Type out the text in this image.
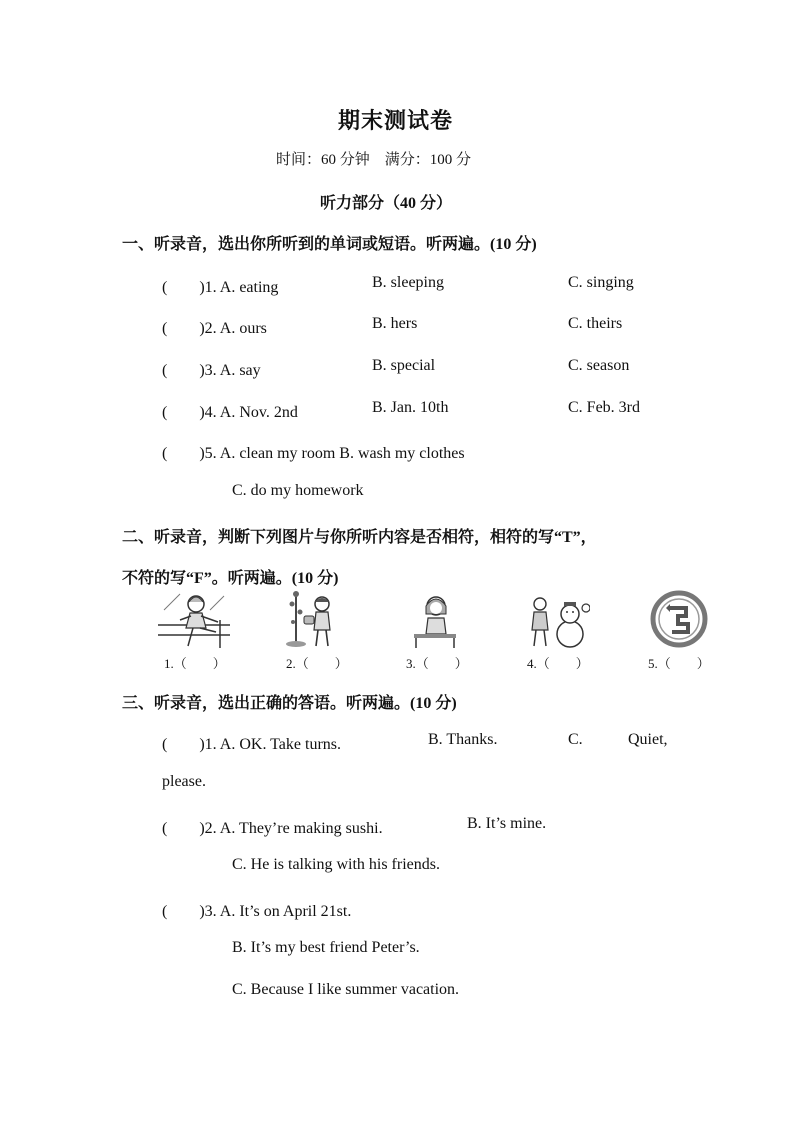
期末测试卷
时间：60 分钟　满分：100 分
听力部分（40 分）
一、听录音，选出你所听到的单词或短语。听两遍。(10 分)
(　　)1. A. eating	B. sleeping	C. singing
(　　)2. A. ours	B. hers	C. theirs
(　　)3. A. say	B. special	C. season
(　　)4. A. Nov. 2nd	B. Jan. 10th	C. Feb. 3rd
(　　)5. A. clean my room B. wash my clothes
C. do my homework
二、听录音，判断下列图片与你所听内容是否相符，相符的写“T”，
不符的写“F”。听两遍。(10 分)
1.（　　）	2.（　　）	3.（　　）	4.（　　）	5.（　　）
三、听录音，选出正确的答语。听两遍。(10 分)
(　　)1. A. OK. Take turns.	B. Thanks.	C.	Quiet,
please.
(　　)2. A. They’re making sushi.	B. It’s mine.
C. He is talking with his friends.
(　　)3. A. It’s on April 21st.
B. It’s my best friend Peter’s.
C. Because I like summer vacation.
